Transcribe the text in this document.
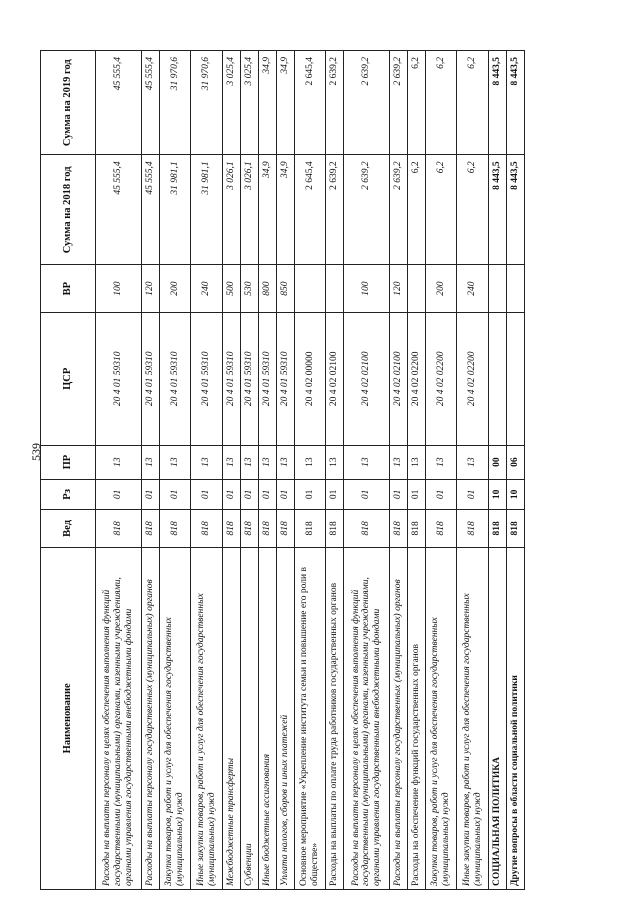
539
Наименование	Вед	Рз	ПР	ЦСР	ВР	Сумма на 2018 год	Сумма на 2019 год
Расходы на выплаты персоналу в целях обеспечения выполнения функций государственными (муниципальными) органами, казенными учреждениями, органами управления государственными внебюджетными фондами	818	01	13	20 4 01 59310	100	45 555,4	45 555,4
Расходы на выплаты персоналу государственных (муниципальных) органов	818	01	13	20 4 01 59310	120	45 555,4	45 555,4
Закупка товаров, работ и услуг для обеспечения государственных (муниципальных) нужд	818	01	13	20 4 01 59310	200	31 981,1	31 970,6
Иные закупки товаров, работ и услуг для обеспечения государственных (муниципальных) нужд	818	01	13	20 4 01 59310	240	31 981,1	31 970,6
Межбюджетные трансферты	818	01	13	20 4 01 59310	500	3 026,1	3 025,4
Субвенции	818	01	13	20 4 01 59310	530	3 026,1	3 025,4
Иные бюджетные ассигнования	818	01	13	20 4 01 59310	800	34,9	34,9
Уплата налогов, сборов и иных платежей	818	01	13	20 4 01 59310	850	34,9	34,9
Основное мероприятие «Укрепление института семьи и повышение его роли в обществе»	818	01	13	20 4 02 00000		2 645,4	2 645,4
Расходы на выплаты по оплате труда работников государственных органов	818	01	13	20 4 02 02100		2 639,2	2 639,2
Расходы на выплаты персоналу в целях обеспечения выполнения функций государственными (муниципальными) органами, казенными учреждениями, органами управления государственными внебюджетными фондами	818	01	13	20 4 02 02100	100	2 639,2	2 639,2
Расходы на выплаты персоналу государственных (муниципальных) органов	818	01	13	20 4 02 02100	120	2 639,2	2 639,2
Расходы на обеспечение функций государственных органов	818	01	13	20 4 02 02200		6,2	6,2
Закупка товаров, работ и услуг для обеспечения государственных (муниципальных) нужд	818	01	13	20 4 02 02200	200	6,2	6,2
Иные закупки товаров, работ и услуг для обеспечения государственных (муниципальных) нужд	818	01	13	20 4 02 02200	240	6,2	6,2
СОЦИАЛЬНАЯ ПОЛИТИКА	818	10	00			8 443,5	8 443,5
Другие вопросы в области социальной политики	818	10	06			8 443,5	8 443,5
